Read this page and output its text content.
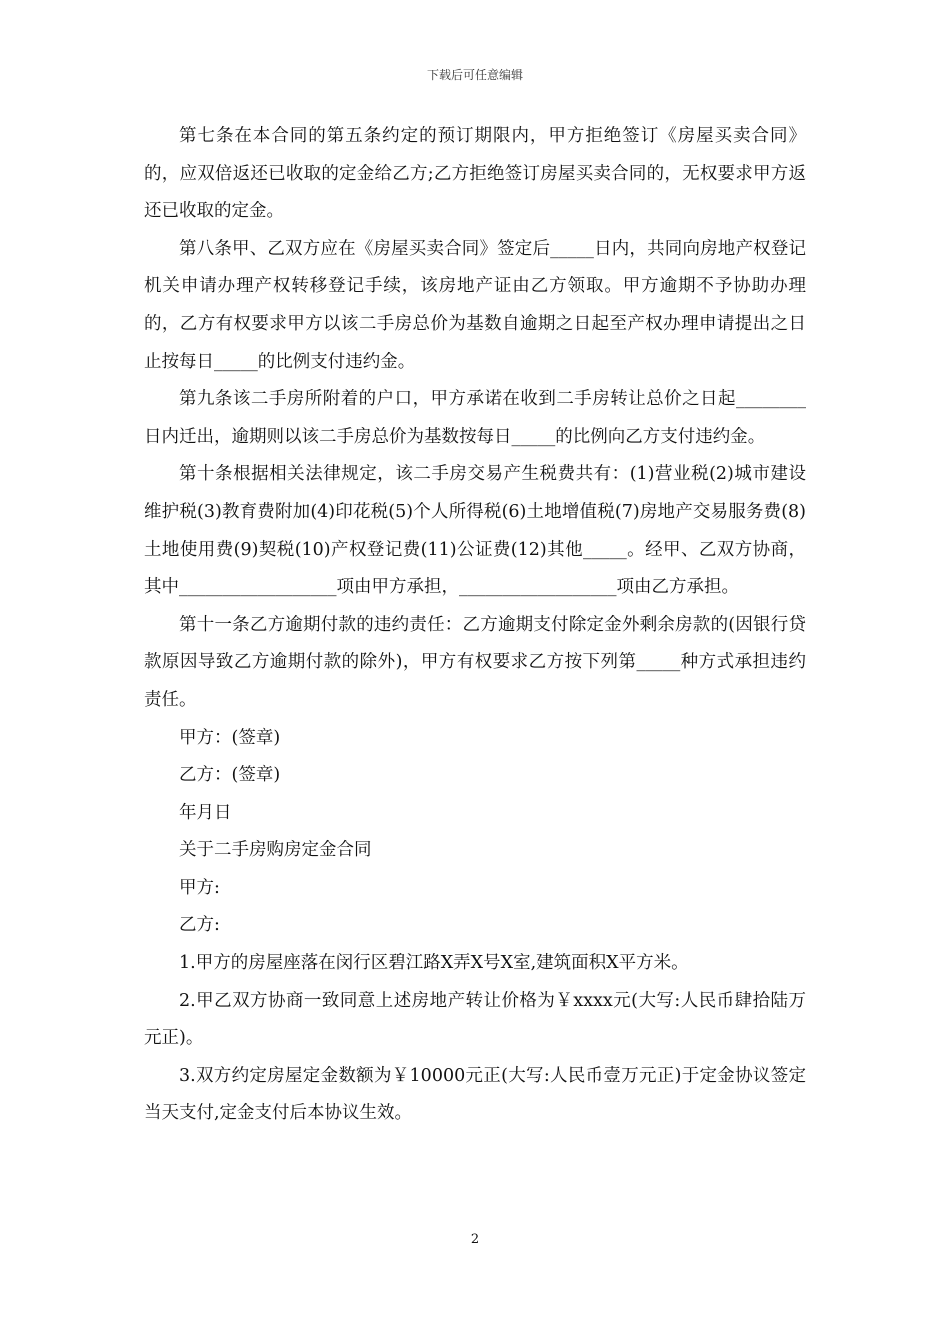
下载后可任意编辑

第七条在本合同的第五条约定的预订期限内，甲方拒绝签订《房屋买卖合同》的，应双倍返还已收取的定金给乙方;乙方拒绝签订房屋买卖合同的，无权要求甲方返还已收取的定金。

第八条甲、乙双方应在《房屋买卖合同》签定后_____日内，共同向房地产权登记机关申请办理产权转移登记手续，该房地产证由乙方领取。甲方逾期不予协助办理的，乙方有权要求甲方以该二手房总价为基数自逾期之日起至产权办理申请提出之日止按每日_____的比例支付违约金。

第九条该二手房所附着的户口，甲方承诺在收到二手房转让总价之日起________日内迁出，逾期则以该二手房总价为基数按每日_____的比例向乙方支付违约金。

第十条根据相关法律规定，该二手房交易产生税费共有：(1)营业税(2)城市建设维护税(3)教育费附加(4)印花税(5)个人所得税(6)土地增值税(7)房地产交易服务费(8)土地使用费(9)契税(10)产权登记费(11)公证费(12)其他_____。经甲、乙双方协商，其中__________________项由甲方承担，__________________项由乙方承担。

第十一条乙方逾期付款的违约责任：乙方逾期支付除定金外剩余房款的(因银行贷款原因导致乙方逾期付款的除外)，甲方有权要求乙方按下列第_____种方式承担违约责任。

甲方：(签章)

乙方：(签章)

年月日

关于二手房购房定金合同

甲方:

乙方:

1.甲方的房屋座落在闵行区碧江路X弄X号X室,建筑面积X平方米。

2.甲乙双方协商一致同意上述房地产转让价格为￥xxxx元(大写:人民币肆拾陆万元正)。

3.双方约定房屋定金数额为￥10000元正(大写:人民币壹万元正)于定金协议签定当天支付,定金支付后本协议生效。

2
